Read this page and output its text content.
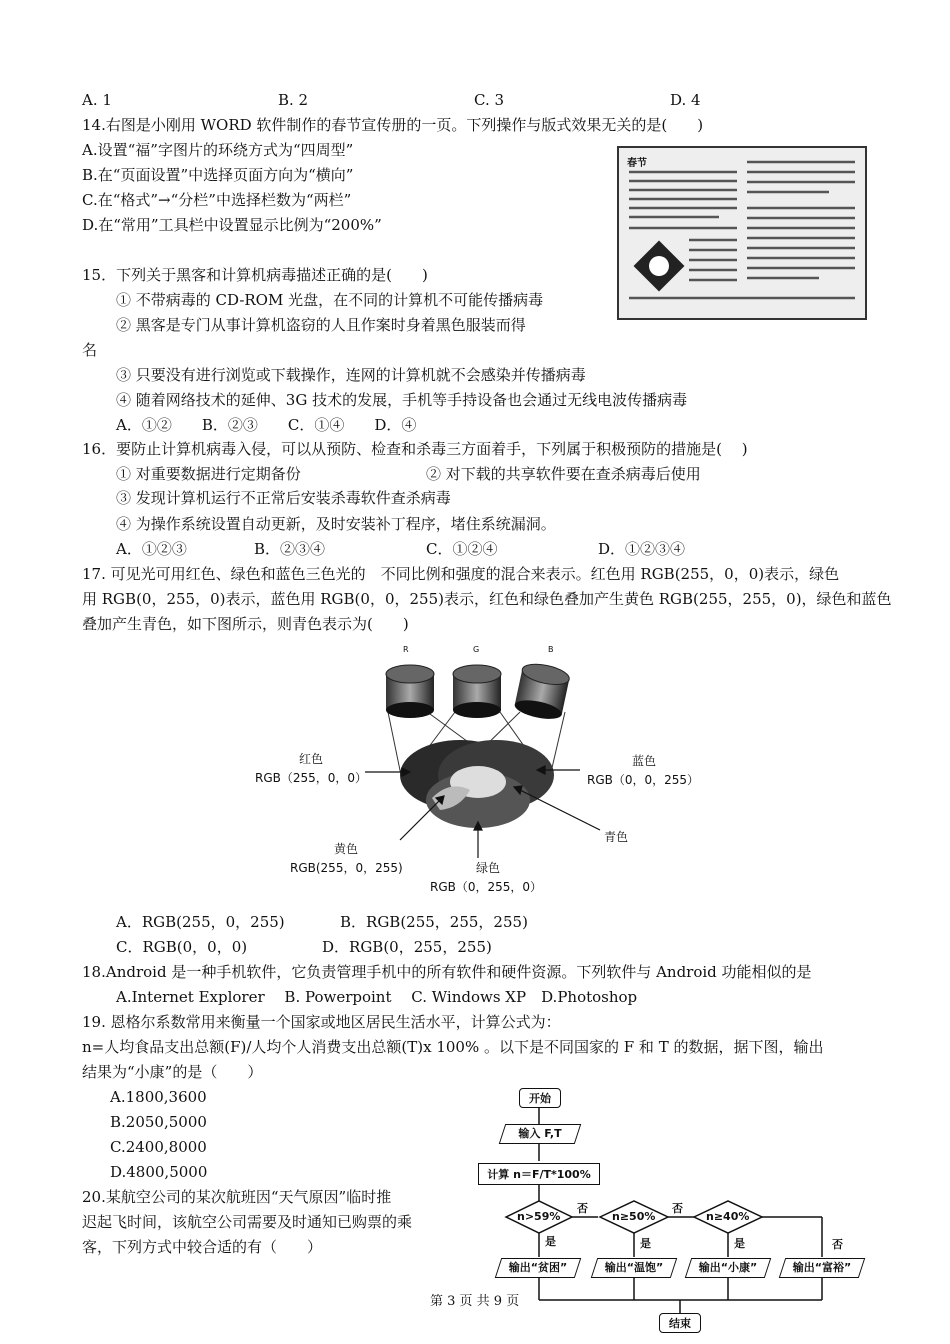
A. 1	B. 2	C. 3	D. 4
14.右图是小刚用 WORD 软件制作的春节宣传册的一页。下列操作与版式效果无关的是(　　)
A.设置“福”字图片的环绕方式为“四周型”
B.在“页面设置”中选择页面方向为“横向”
C.在“格式”→“分栏”中选择栏数为“两栏”
D.在“常用”工具栏中设置显示比例为“200%”
春节
15．下列关于黑客和计算机病毒描述正确的是(　　)
① 不带病毒的 CD-ROM 光盘，在不同的计算机不可能传播病毒
② 黑客是专门从事计算机盗窃的人且作案时身着黑色服装而得
名
③ 只要没有进行浏览或下载操作，连网的计算机就不会感染并传播病毒
④ 随着网络技术的延伸、3G 技术的发展，手机等手持设备也会通过无线电波传播病毒
A．①②　　B．②③　　C．①④　　D．④
16．要防止计算机病毒入侵，可以从预防、检查和杀毒三方面着手，下列属于积极预防的措施是(　 )
① 对重要数据进行定期备份	② 对下载的共享软件要在查杀病毒后使用
③ 发现计算机运行不正常后安装杀毒软件查杀病毒
④ 为操作系统设置自动更新，及时安装补丁程序，堵住系统漏洞。
A．①②③	B．②③④	C．①②④	D．①②③④
17. 可见光可用红色、绿色和蓝色三色光的　不同比例和强度的混合来表示。红色用 RGB(255，0，0)表示，绿色
用 RGB(0，255，0)表示，蓝色用 RGB(0，0，255)表示，红色和绿色叠加产生黄色 RGB(255，255，0)，绿色和蓝色
叠加产生青色，如下图所示，则青色表示为(　　)
R	G	B
红色
RGB（255，0，0）
蓝色
RGB（0，0，255）
青色
黄色
RGB(255，0，255)	绿色
RGB（0，255，0）
A．RGB(255，0，255)	B．RGB(255，255，255)
C．RGB(0，0，0)	D．RGB(0，255，255)
18.Android 是一种手机软件，它负责管理手机中的所有软件和硬件资源。下列软件与 Android 功能相似的是
A.Internet Explorer　 B. Powerpoint　 C. Windows XP　D.Photoshop
19. 恩格尔系数常用来衡量一个国家或地区居民生活水平，计算公式为：
n=人均食品支出总额(F)/人均个人消费支出总额(T)x 100% 。以下是不同国家的 F 和 T 的数据，据下图，输出
结果为“小康”的是（　　）
A.1800,3600
B.2050,5000
C.2400,8000
D.4800,5000
20.某航空公司的某次航班因“天气原因”临时推
迟起飞时间，该航空公司需要及时通知已购票的乘
客，下列方式中较合适的有（　　）
开始
输入 F,T
计算 n＝F/T*100%
n>59%	n≥50%	n≥40%
否	否
否
是	是	是
输出“贫困”	输出“温饱”	输出“小康”	输出“富裕”
结束
第 3 页 共 9 页
